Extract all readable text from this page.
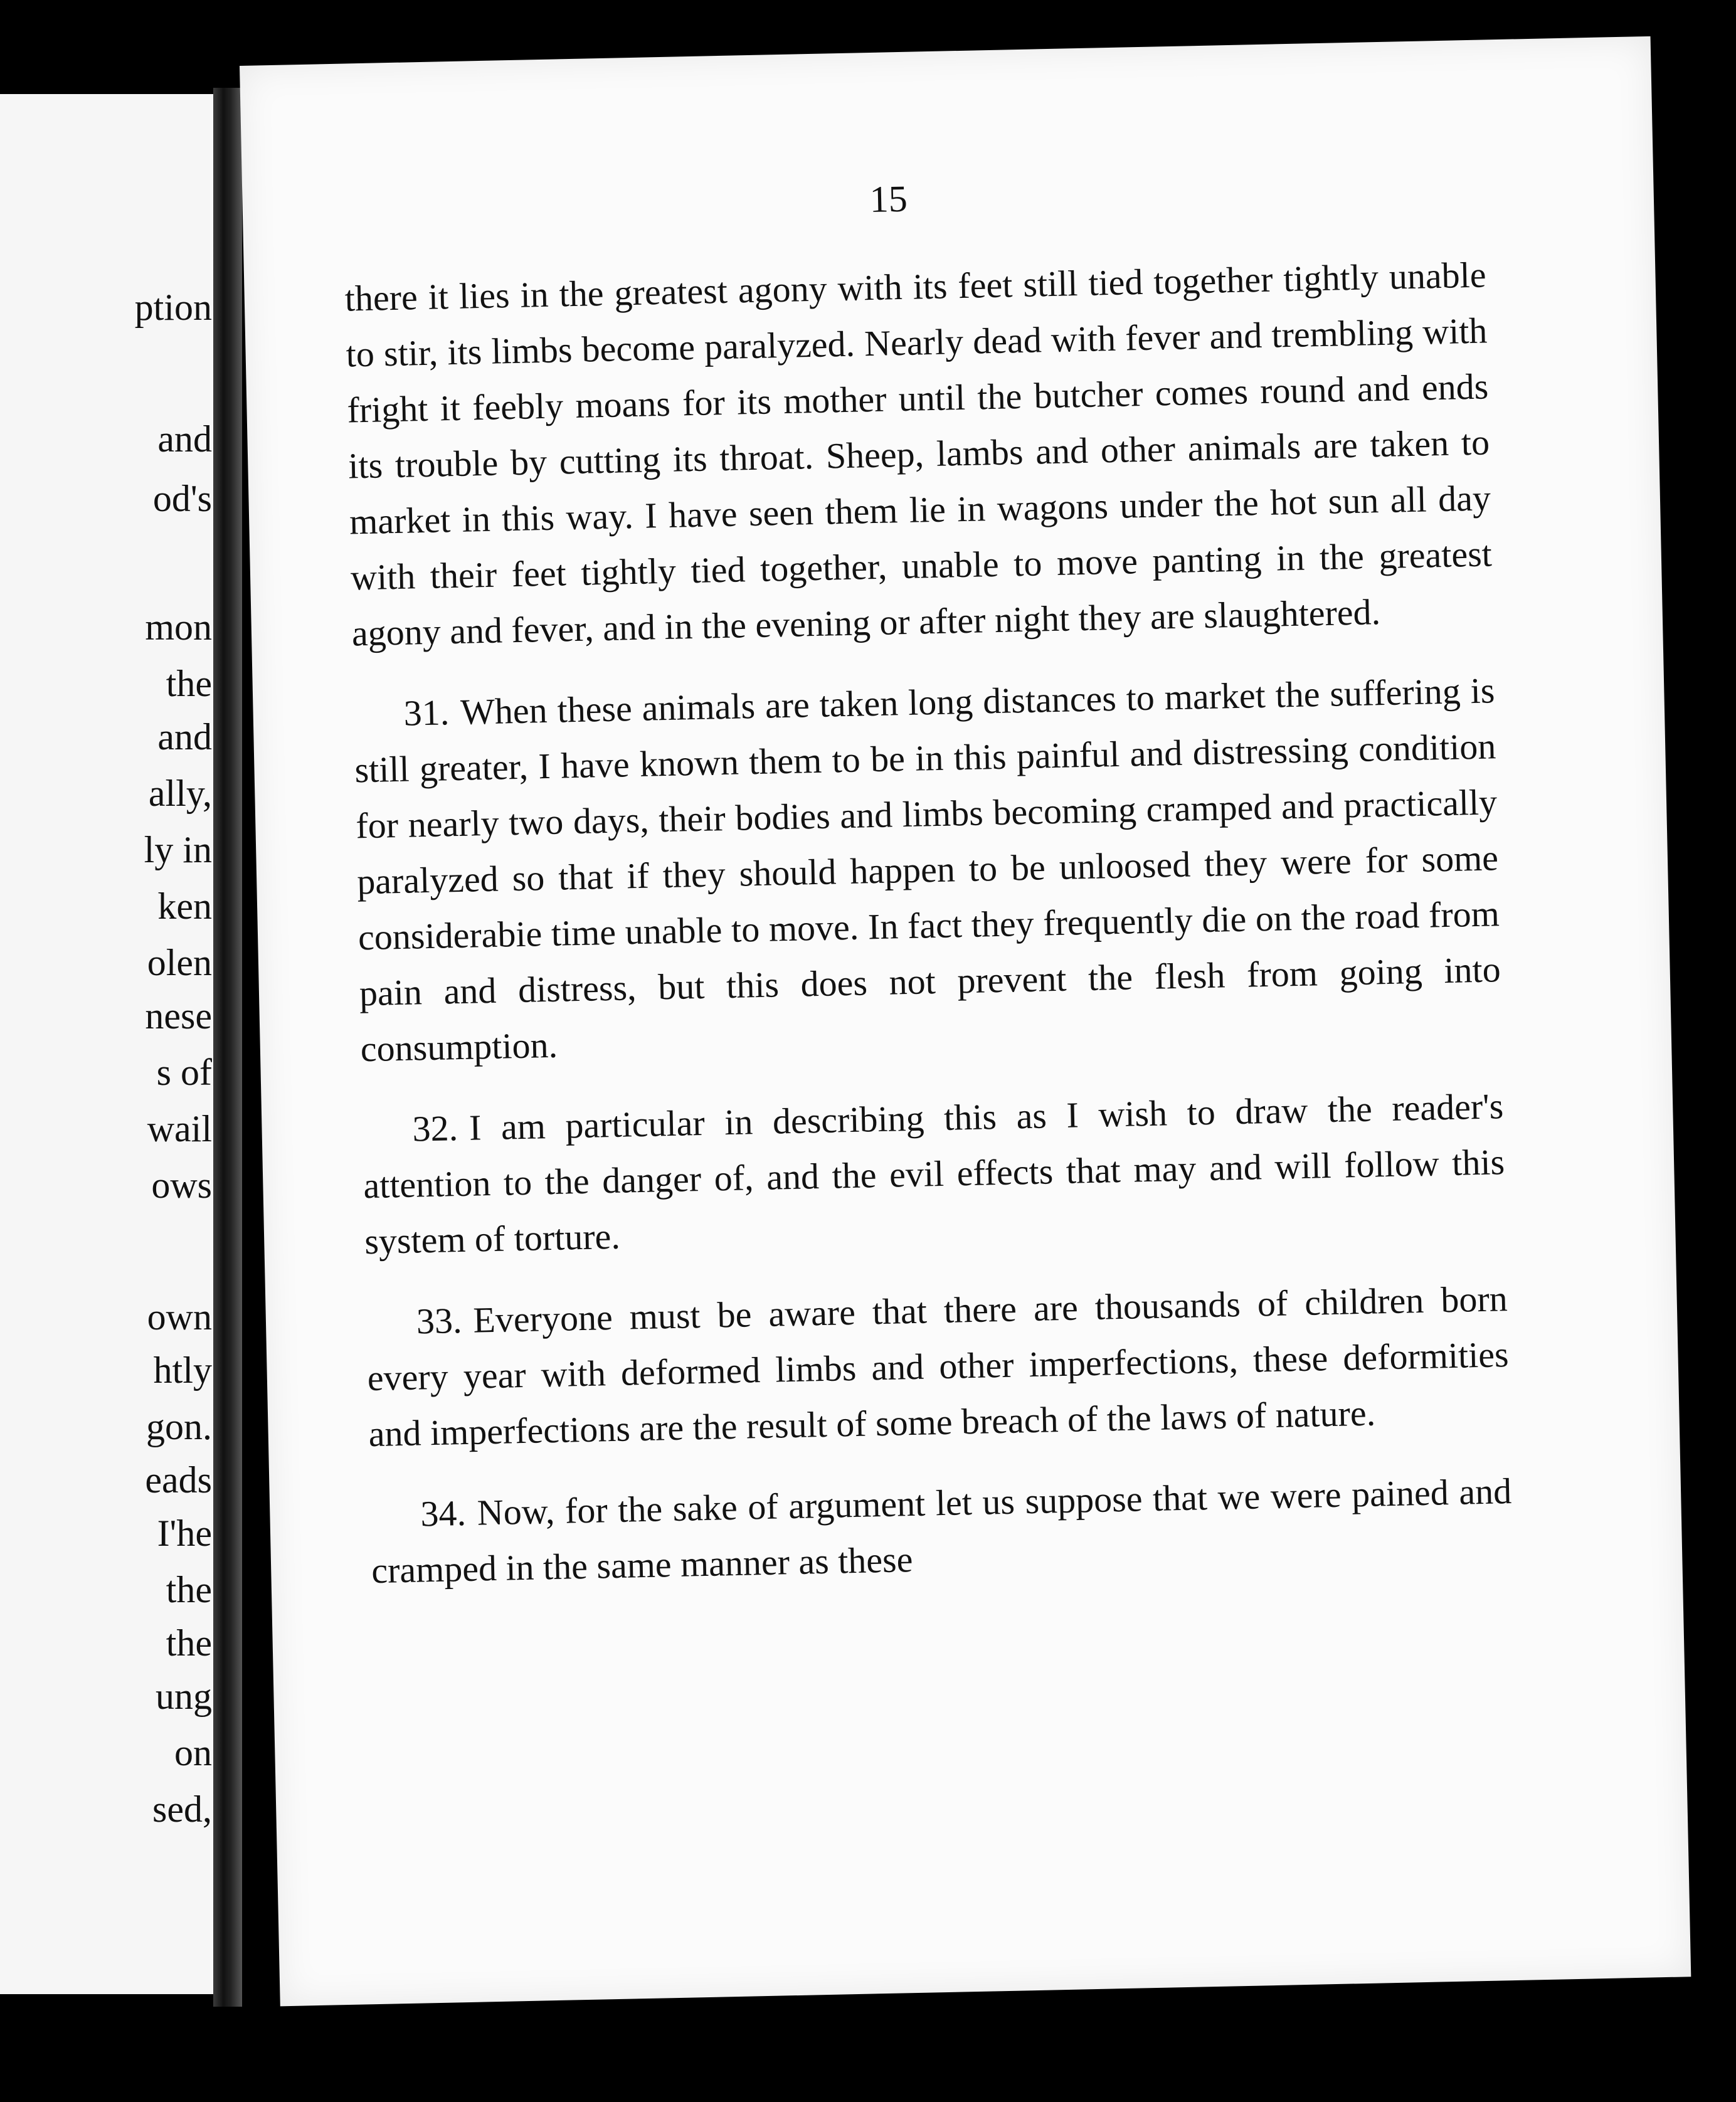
ption
and
od's
mon
the
and
ally,
ly in
ken
olen
nese
s of
wail
ows
own
htly
gon.
eads
I'he
the
the
ung
on
sed,
15

there it lies in the greatest agony with its feet still tied together tightly unable to stir, its limbs become paralyzed. Nearly dead with fever and trembling with fright it feebly moans for its mother until the butcher comes round and ends its trouble by cutting its throat. Sheep, lambs and other animals are taken to market in this way. I have seen them lie in wagons under the hot sun all day with their feet tightly tied together, unable to move panting in the greatest agony and fever, and in the evening or after night they are slaughtered.

31. When these animals are taken long distances to market the suffering is still greater, I have known them to be in this painful and distressing condition for nearly two days, their bodies and limbs becoming cramped and practically paralyzed so that if they should happen to be unloosed they were for some considerabie time unable to move. In fact they frequently die on the road from pain and distress, but this does not prevent the flesh from going into consumption.

32. I am particular in describing this as I wish to draw the reader's attention to the danger of, and the evil effects that may and will follow this system of torture.

33. Everyone must be aware that there are thousands of children born every year with deformed limbs and other imperfections, these deformities and imperfections are the result of some breach of the laws of nature.

34. Now, for the sake of argument let us suppose that we were pained and cramped in the same manner as these
